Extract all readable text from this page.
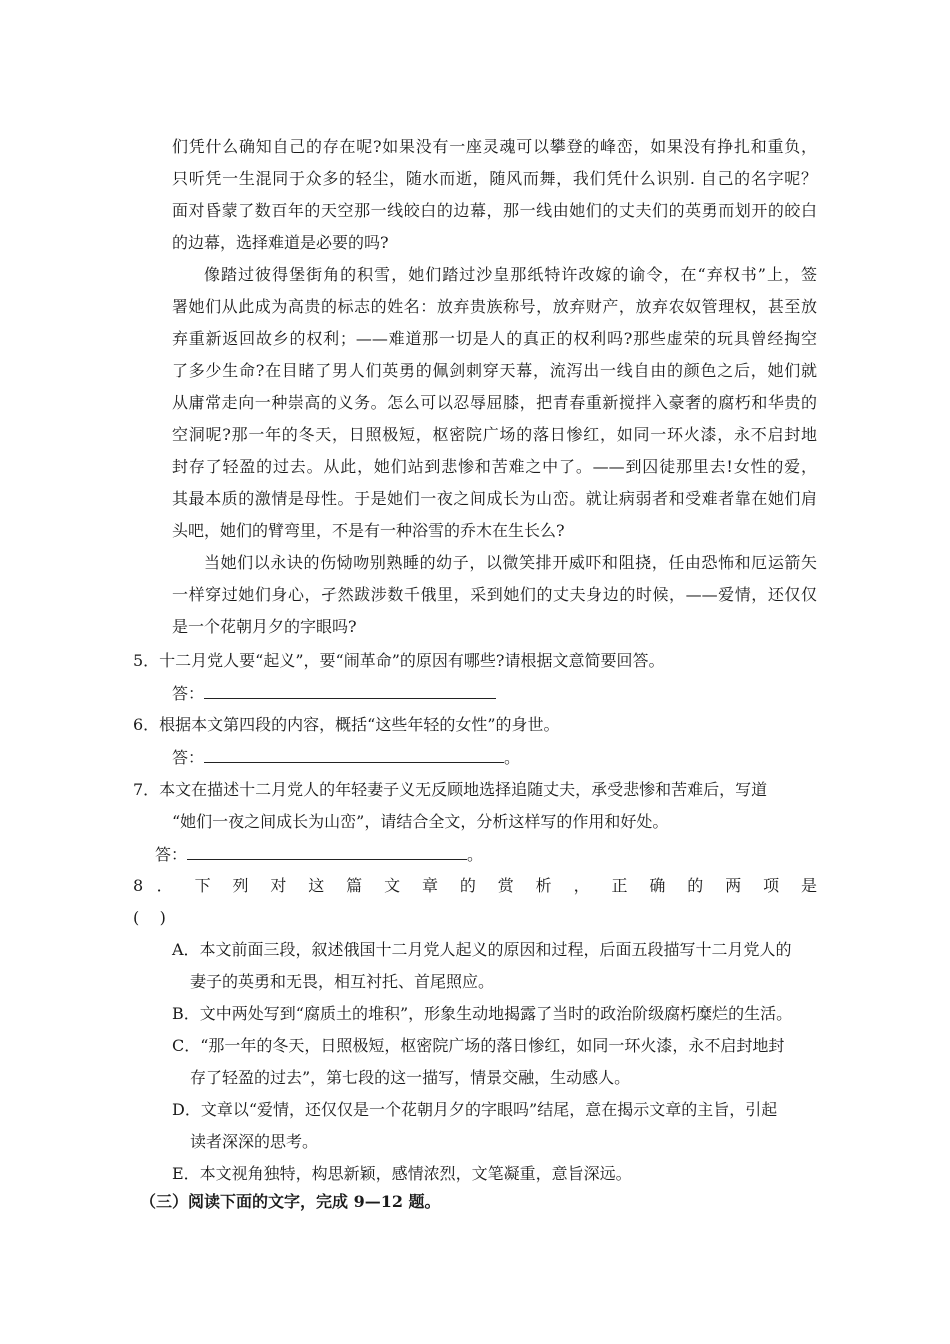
们凭什么确知自己的存在呢?如果没有一座灵魂可以攀登的峰峦，如果没有挣扎和重负，
只听凭一生混同于众多的轻尘，随水而逝，随风而舞，我们凭什么识别. 自己的名字呢？
面对昏蒙了数百年的天空那一线皎白的边幕，那一线由她们的丈夫们的英勇而划开的皎白
的边幕，选择难道是必要的吗?
像踏过彼得堡街角的积雪，她们踏过沙皇那纸特许改嫁的谕令，在“弃权书”上，签
署她们从此成为高贵的标志的姓名：放弃贵族称号，放弃财产，放弃农奴管理权，甚至放
弃重新返回故乡的权利；——难道那一切是人的真正的权利吗?那些虚荣的玩具曾经掏空
了多少生命?在目睹了男人们英勇的佩剑刺穿天幕，流泻出一线自由的颜色之后，她们就
从庸常走向一种崇高的义务。怎么可以忍辱屈膝，把青春重新搅拌入豪奢的腐朽和华贵的
空洞呢?那一年的冬天，日照极短，枢密院广场的落日惨红，如同一环火漆，永不启封地
封存了轻盈的过去。从此，她们站到悲惨和苦难之中了。——到囚徒那里去!女性的爱，
其最本质的激情是母性。于是她们一夜之间成长为山峦。就让病弱者和受难者靠在她们肩
头吧，她们的臂弯里，不是有一种浴雪的乔木在生长么?
当她们以永诀的伤恸吻别熟睡的幼子，以微笑排开威吓和阻挠，任由恐怖和厄运箭矢
一样穿过她们身心，孑然跋涉数千俄里，采到她们的丈夫身边的时候，——爱情，还仅仅
是一个花朝月夕的字眼吗?
5．十二月党人要“起义”，要“闹革命”的原因有哪些?请根据文意简要回答。
答：
6．根据本文第四段的内容，概括“这些年轻的女性”的身世。
答：	。
7．本文在描述十二月党人的年轻妻子义无反顾地选择追随丈夫，承受悲惨和苦难后，写道
“她们一夜之间成长为山峦”，请结合全文，分析这样写的作用和好处。
答：	。
8 ． 下 列 对 这 篇 文 章 的 赏 析 ， 正 确 的 两 项 是
(    )
A．本文前面三段，叙述俄国十二月党人起义的原因和过程，后面五段描写十二月党人的
妻子的英勇和无畏，相互衬托、首尾照应。
B．文中两处写到“腐质土的堆积”，形象生动地揭露了当时的政治阶级腐朽糜烂的生活。
C．“那一年的冬天，日照极短，枢密院广场的落日惨红，如同一环火漆，永不启封地封
存了轻盈的过去”，第七段的这一描写，情景交融，生动感人。
D．文章以“爱情，还仅仅是一个花朝月夕的字眼吗”结尾，意在揭示文章的主旨，引起
读者深深的思考。
E．本文视角独特，构思新颖，感情浓烈，文笔凝重，意旨深远。
（三）阅读下面的文字，完成 9—12 题。
